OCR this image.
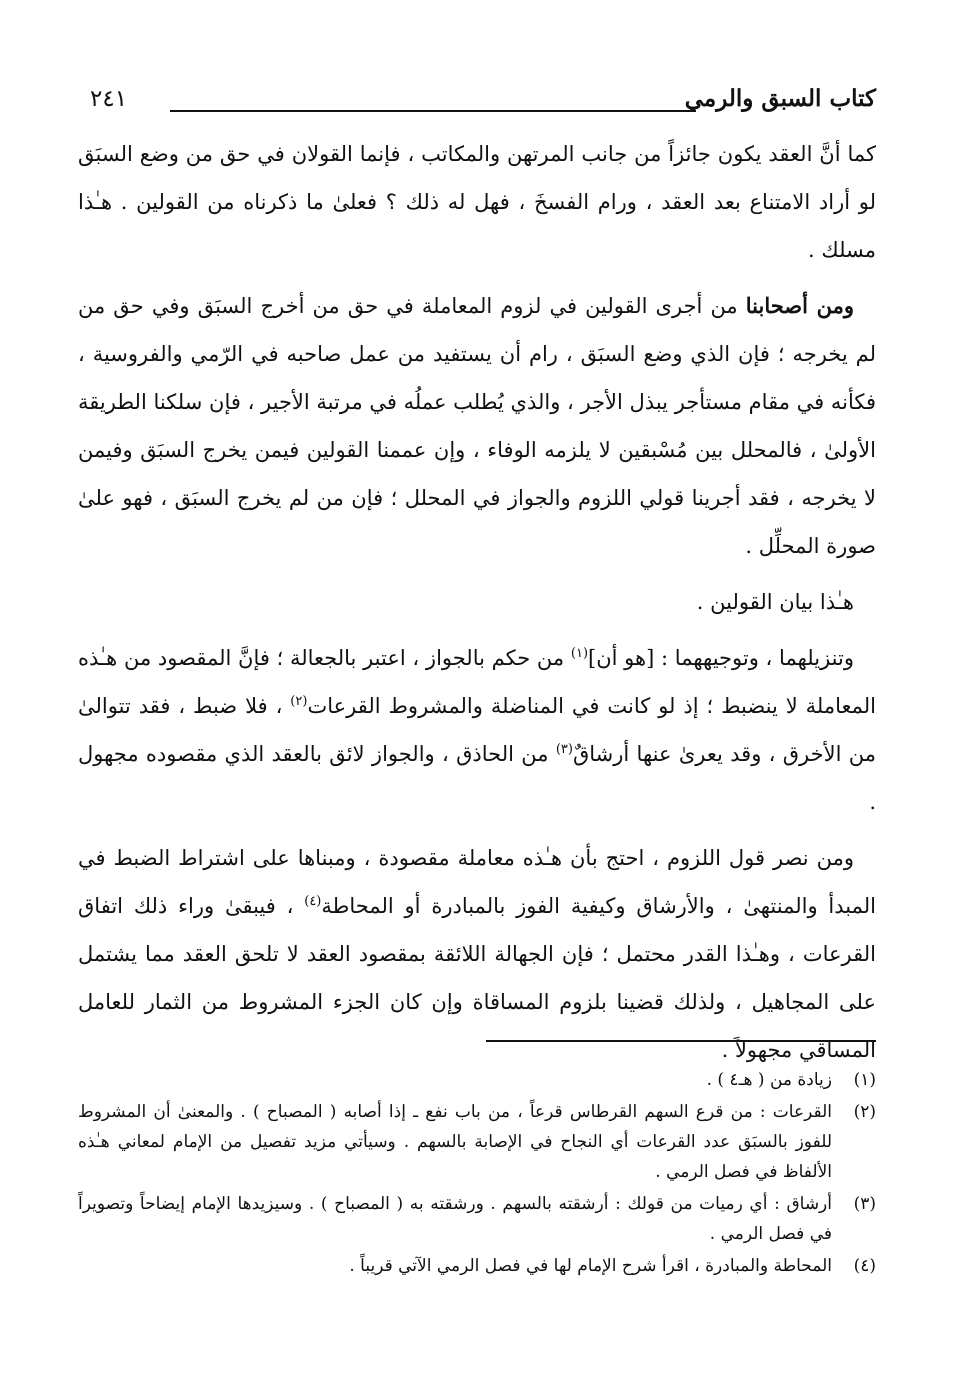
كتاب السبق والرمي
٢٤١

كما أنَّ العقد يكون جائزاً من جانب المرتهن والمكاتب ، فإنما القولان في حق من وضع السبَق لو أراد الامتناع بعد العقد ، ورام الفسخَ ، فهل له ذلك ؟ فعلىٰ ما ذكرناه من القولين . هـٰذا مسلك .

ومن أصحابنا من أجرى القولين في لزوم المعاملة في حق من أخرج السبَق وفي حق من لم يخرجه ؛ فإن الذي وضع السبَق ، رام أن يستفيد من عمل صاحبه في الرّمي والفروسية ، فكأنه في مقام مستأجر يبذل الأجر ، والذي يُطلب عملُه في مرتبة الأجير ، فإن سلكنا الطريقة الأولىٰ ، فالمحلل بين مُسْبقين لا يلزمه الوفاء ، وإن عممنا القولين فيمن يخرج السبَق وفيمن لا يخرجه ، فقد أجرينا قولي اللزوم والجواز في المحلل ؛ فإن من لم يخرج السبَق ، فهو علىٰ صورة المحلِّل .

هـٰذا بيان القولين .

وتنزيلهما ، وتوجيههما : [هو أن]$^{(١)}$ من حكم بالجواز ، اعتبر بالجعالة ؛ فإنَّ المقصود من هـٰذه المعاملة لا ينضبط ؛ إذ لو كانت في المناضلة والمشروط القرعات$^{(٢)}$ ، فلا ضبط ، فقد تتوالىٰ من الأخرق ، وقد يعرىٰ عنها أرشاقٌ$^{(٣)}$ من الحاذق ، والجواز لائق بالعقد الذي مقصوده مجهول .

ومن نصر قول اللزوم ، احتج بأن هـٰذه معاملة مقصودة ، ومبناها على اشتراط الضبط في المبدأ والمنتهىٰ ، والأرشاق وكيفية الفوز بالمبادرة أو المحاطة$^{(٤)}$ ، فيبقىٰ وراء ذلك اتفاق القرعات ، وهـٰذا القدر محتمل ؛ فإن الجهالة اللائقة بمقصود العقد لا تلحق العقد مما يشتمل على المجاهيل ، ولذلك قضينا بلزوم المساقاة وإن كان الجزء المشروط من الثمار للعامل المساقي مجهولاً .

(١)
زيادة من ( هـ٤ ) .
(٢)
القرعات : من قرع السهم القرطاس قرعاً ، من باب نفع ـ إذا أصابه ( المصباح ) . والمعنىٰ أن المشروط للفوز بالسبَق عدد القرعات أي النجاح في الإصابة بالسهم . وسيأتي مزيد تفصيل من الإمام لمعاني هـٰذه الألفاظ في فصل الرمي .
(٣)
أرشاق : أي رميات من قولك : أرشقته بالسهم . ورشقته به ( المصباح ) . وسيزيدها الإمام إيضاحاً وتصويراً في فصل الرمي .
(٤)
المحاطة والمبادرة ، اقرأ شرح الإمام لها في فصل الرمي الآتي قريباً .
